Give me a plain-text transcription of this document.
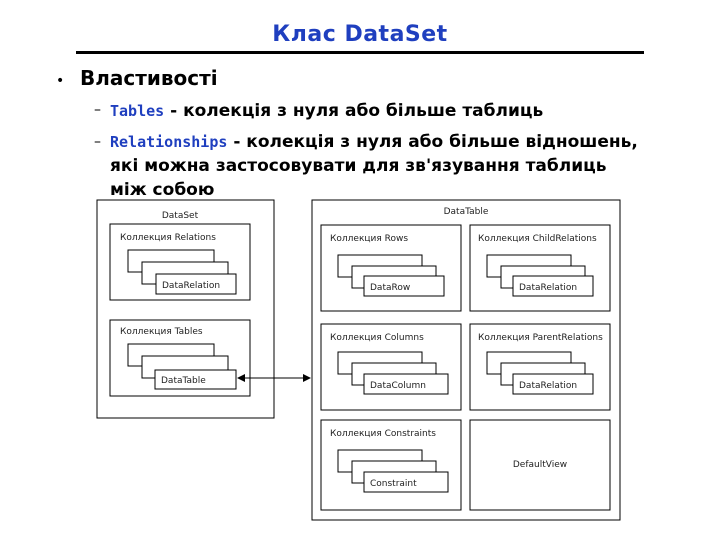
Клас DataSet
• Властивості
– Tables - колекція з нуля або більше таблиць
– Relationships - колекція з нуля або більше відношень, які можна застосовувати для зв'язування таблиць між собою
DataSet
Коллекция Relations
DataRelation
Коллекция Tables
DataTable
DataTable
Коллекция Rows
DataRow
Коллекция ChildRelations
DataRelation
Коллекция Columns
DataColumn
Коллекция ParentRelations
DataRelation
Коллекция Constraints
Constraint
DefaultView
